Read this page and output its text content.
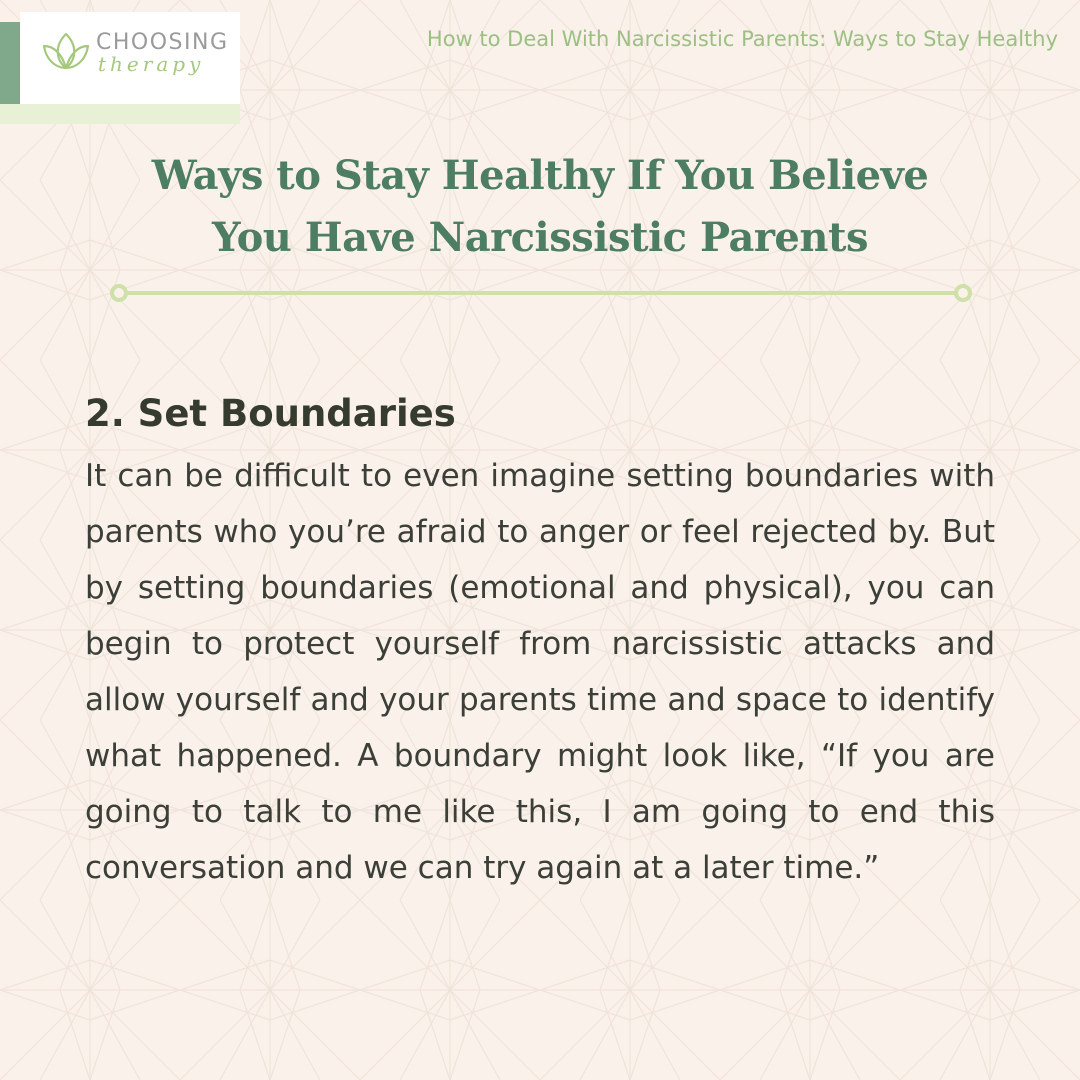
CHOOSING
therapy
How to Deal With Narcissistic Parents: Ways to Stay Healthy
Ways to Stay Healthy If You Believe
You Have Narcissistic Parents
2. Set Boundaries
It can be difficult to even imagine setting boundaries with parents who you’re afraid to anger or feel rejected by. But by setting boundaries (emotional and physical), you can begin to protect yourself from narcissistic attacks and allow yourself and your parents time and space to identify what happened. A boundary might look like, “If you are going to talk to me like this, I am going to end this conversation and we can try again at a later time.”
